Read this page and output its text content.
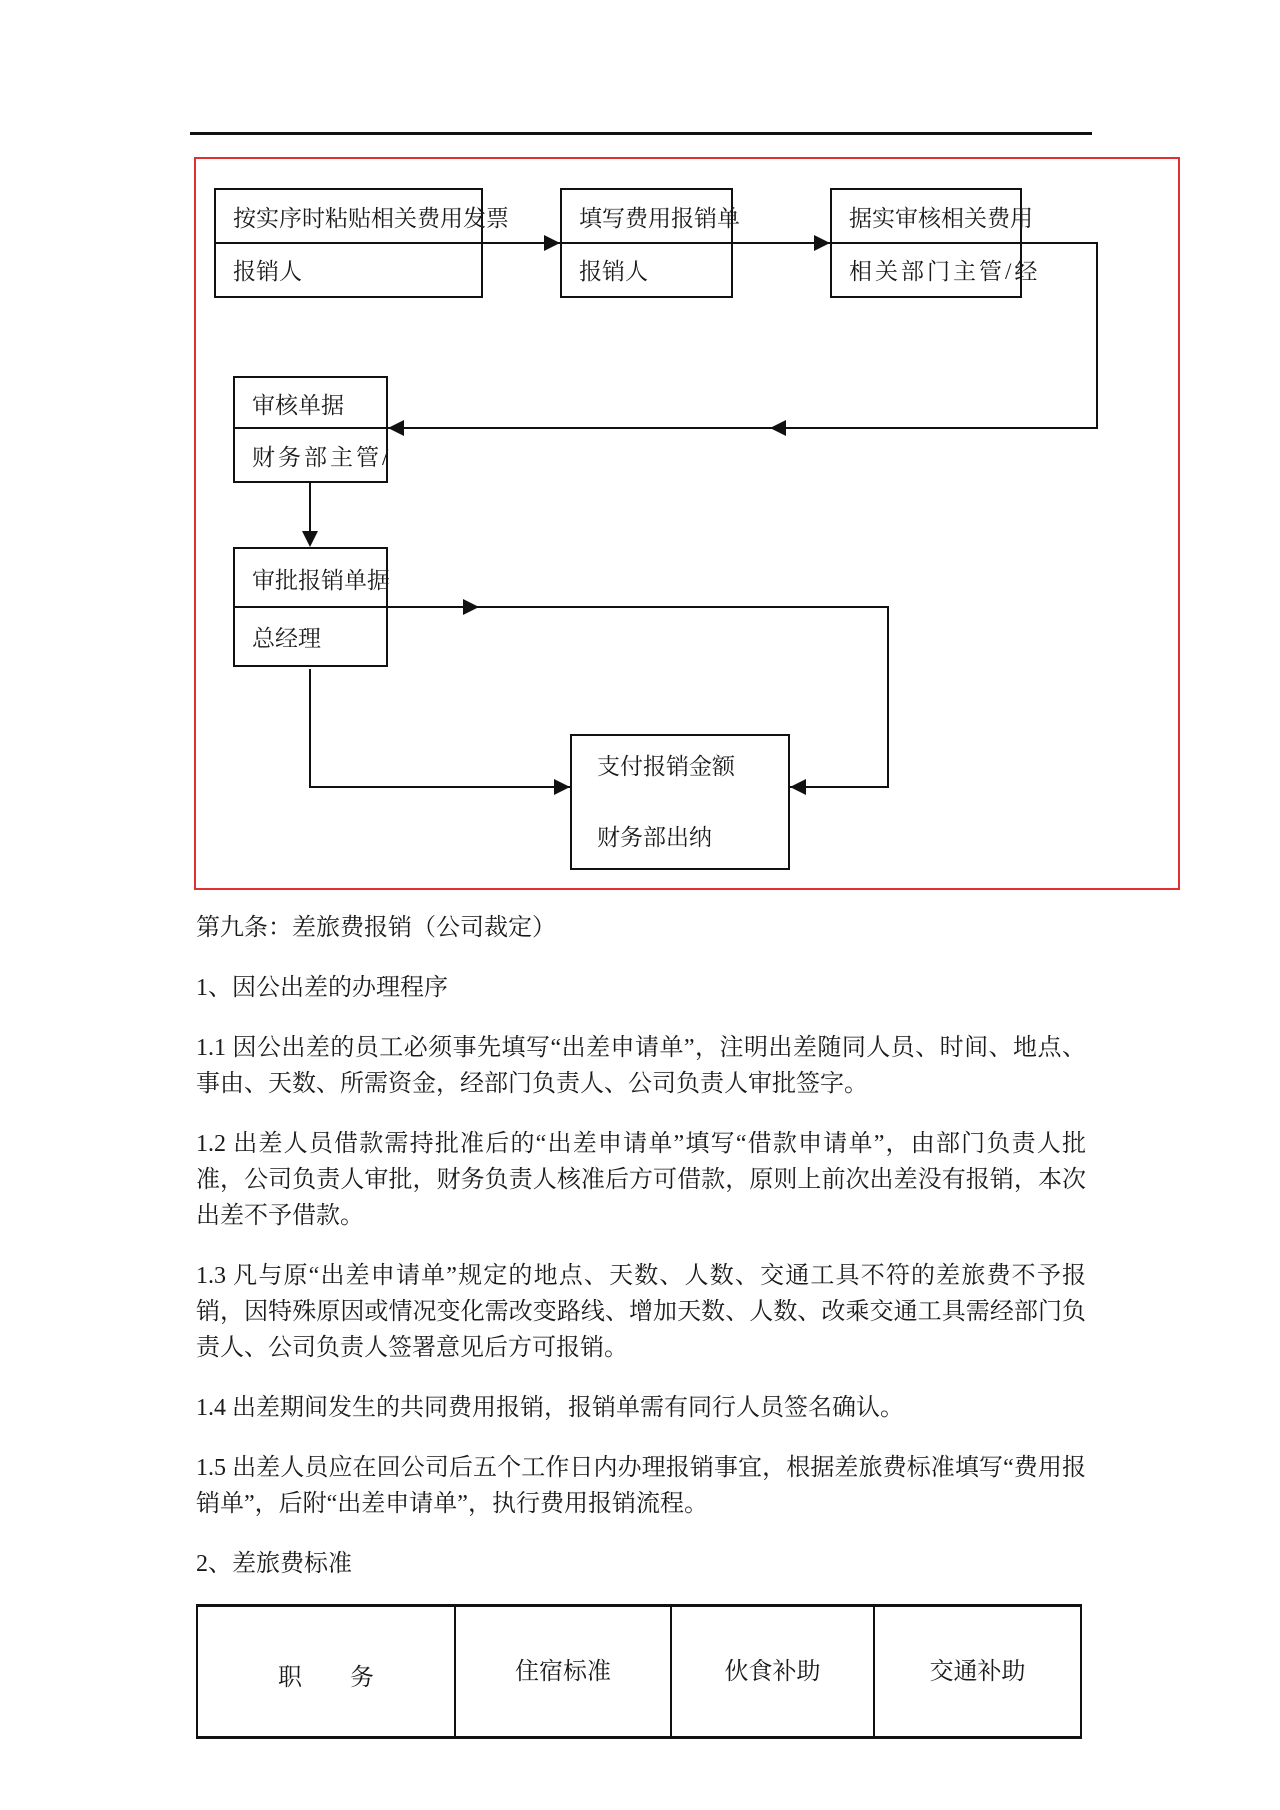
按实序时粘贴相关费用发票
报销人
填写费用报销单
报销人
据实审核相关费用
相关部门主管/经
审核单据
财务部主管/
审批报销单据
总经理
支付报销金额
财务部出纳

第九条：差旅费报销（公司裁定）

1、因公出差的办理程序

1.1 因公出差的员工必须事先填写“出差申请单”，注明出差随同人员、时间、地点、事由、天数、所需资金，经部门负责人、公司负责人审批签字。

1.2 出差人员借款需持批准后的“出差申请单”填写“借款申请单”，由部门负责人批准，公司负责人审批，财务负责人核准后方可借款，原则上前次出差没有报销，本次出差不予借款。

1.3 凡与原“出差申请单”规定的地点、天数、人数、交通工具不符的差旅费不予报销，因特殊原因或情况变化需改变路线、增加天数、人数、改乘交通工具需经部门负责人、公司负责人签署意见后方可报销。

1.4 出差期间发生的共同费用报销，报销单需有同行人员签名确认。

1.5 出差人员应在回公司后五个工作日内办理报销事宜，根据差旅费标准填写“费用报销单”，后附“出差申请单”，执行费用报销流程。

2、差旅费标准

职　　务	住宿标准	伙食补助	交通补助
